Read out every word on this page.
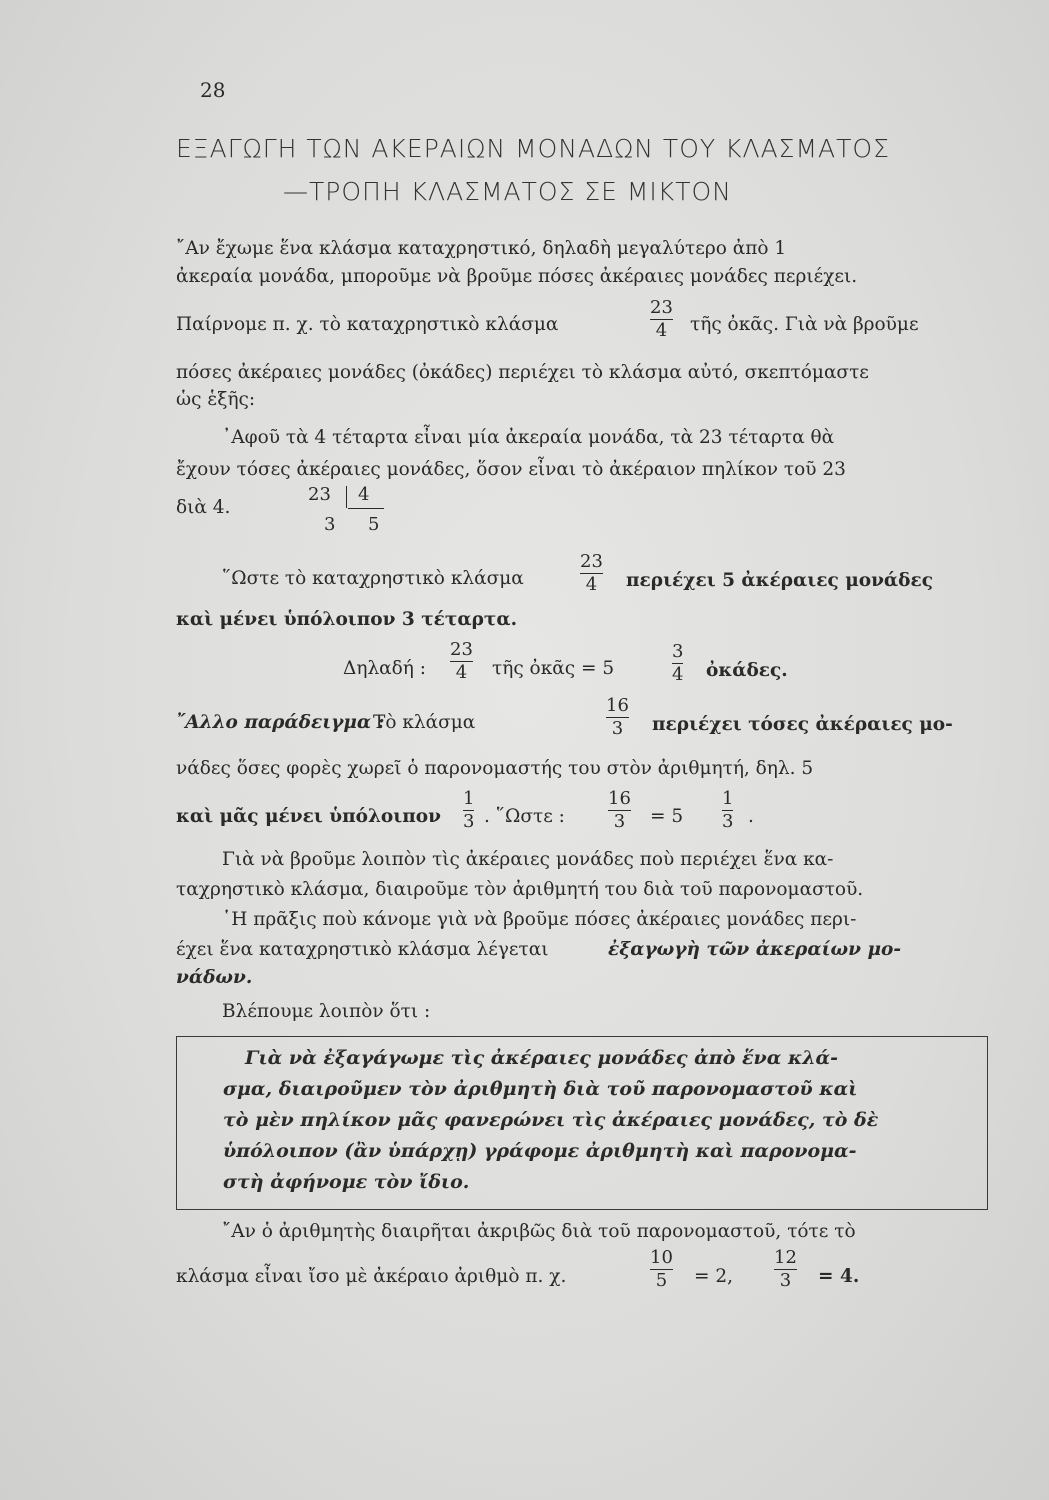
28
ΕΞΑΓΩΓΗ ΤΩΝ ΑΚΕΡΑΙΩΝ ΜΟΝΑΔΩΝ ΤΟΥ ΚΛΑΣΜΑΤΟΣ
—ΤΡΟΠΗ ΚΛΑΣΜΑΤΟΣ ΣΕ ΜΙΚΤΟΝ
῎Αν ἔχωμε ἕνα κλάσμα καταχρηστικό, δηλαδὴ μεγαλύτερο ἀπὸ 1
ἀκεραία μονάδα, μποροῦμε νὰ βροῦμε πόσες ἀκέραιες μονάδες περιέχει.
Παίρνομε π. χ. τὸ καταχρηστικὸ κλάσμα
23
4 τῆς ὀκᾶς. Γιὰ νὰ βροῦμε
πόσες ἀκέραιες μονάδες (ὀκάδες) περιέχει τὸ κλάσμα αὐτό, σκεπτόμαστε
ὡς ἑξῆς:
᾿Αφοῦ τὰ 4 τέταρτα εἶναι μία ἀκεραία μονάδα, τὰ 23 τέταρτα θὰ
ἔχουν τόσες ἀκέραιες μονάδες, ὅσον εἶναι τὸ ἀκέραιον πηλίκον τοῦ 23
διὰ 4.
23 4
3 5
῞Ωστε τὸ καταχρηστικὸ κλάσμα
23
4 περιέχει 5 ἀκέραιες μονάδες
καὶ μένει ὑπόλοιπον 3 τέταρτα.
Δηλαδή :
23
4 τῆς ὀκᾶς = 5
3
4 ὀκάδες.
῎Αλλο παράδειγμα :
Τὸ κλάσμα
16
3 περιέχει τόσες ἀκέραιες μο-
νάδες ὅσες φορὲς χωρεῖ ὁ παρονομαστής του στὸν ἀριθμητή, δηλ. 5
καὶ μᾶς μένει ὑπόλοιπον
1
3 . ῞Ωστε :
16
3 = 5
1
3 .
Γιὰ νὰ βροῦμε λοιπὸν τὶς ἀκέραιες μονάδες ποὺ περιέχει ἕνα κα-
ταχρηστικὸ κλάσμα, διαιροῦμε τὸν ἀριθμητή του διὰ τοῦ παρονομαστοῦ.
῾Η πρᾶξις ποὺ κάνομε γιὰ νὰ βροῦμε πόσες ἀκέραιες μονάδες περι-
έχει ἕνα καταχρηστικὸ κλάσμα λέγεται	ἐξαγωγὴ τῶν ἀκεραίων μο-
νάδων.
Βλέπουμε λοιπὸν ὅτι :
Γιὰ νὰ ἐξαγάγωμε τὶς ἀκέραιες μονάδες ἀπὸ ἕνα κλά-
σμα, διαιροῦμεν τὸν ἀριθμητὴ διὰ τοῦ παρονομαστοῦ καὶ
τὸ μὲν πηλίκον μᾶς φανερώνει τὶς ἀκέραιες μονάδες, τὸ δὲ
ὑπόλοιπον (ἂν ὑπάρχῃ) γράφομε ἀριθμητὴ καὶ παρονομα-
στὴ ἀφήνομε τὸν ἴδιο.
῎Αν ὁ ἀριθμητὴς διαιρῆται ἀκριβῶς διὰ τοῦ παρονομαστοῦ, τότε τὸ
κλάσμα εἶναι ἴσο μὲ ἀκέραιο ἀριθμὸ π. χ.
10
5 = 2,
12
3 = 4.
